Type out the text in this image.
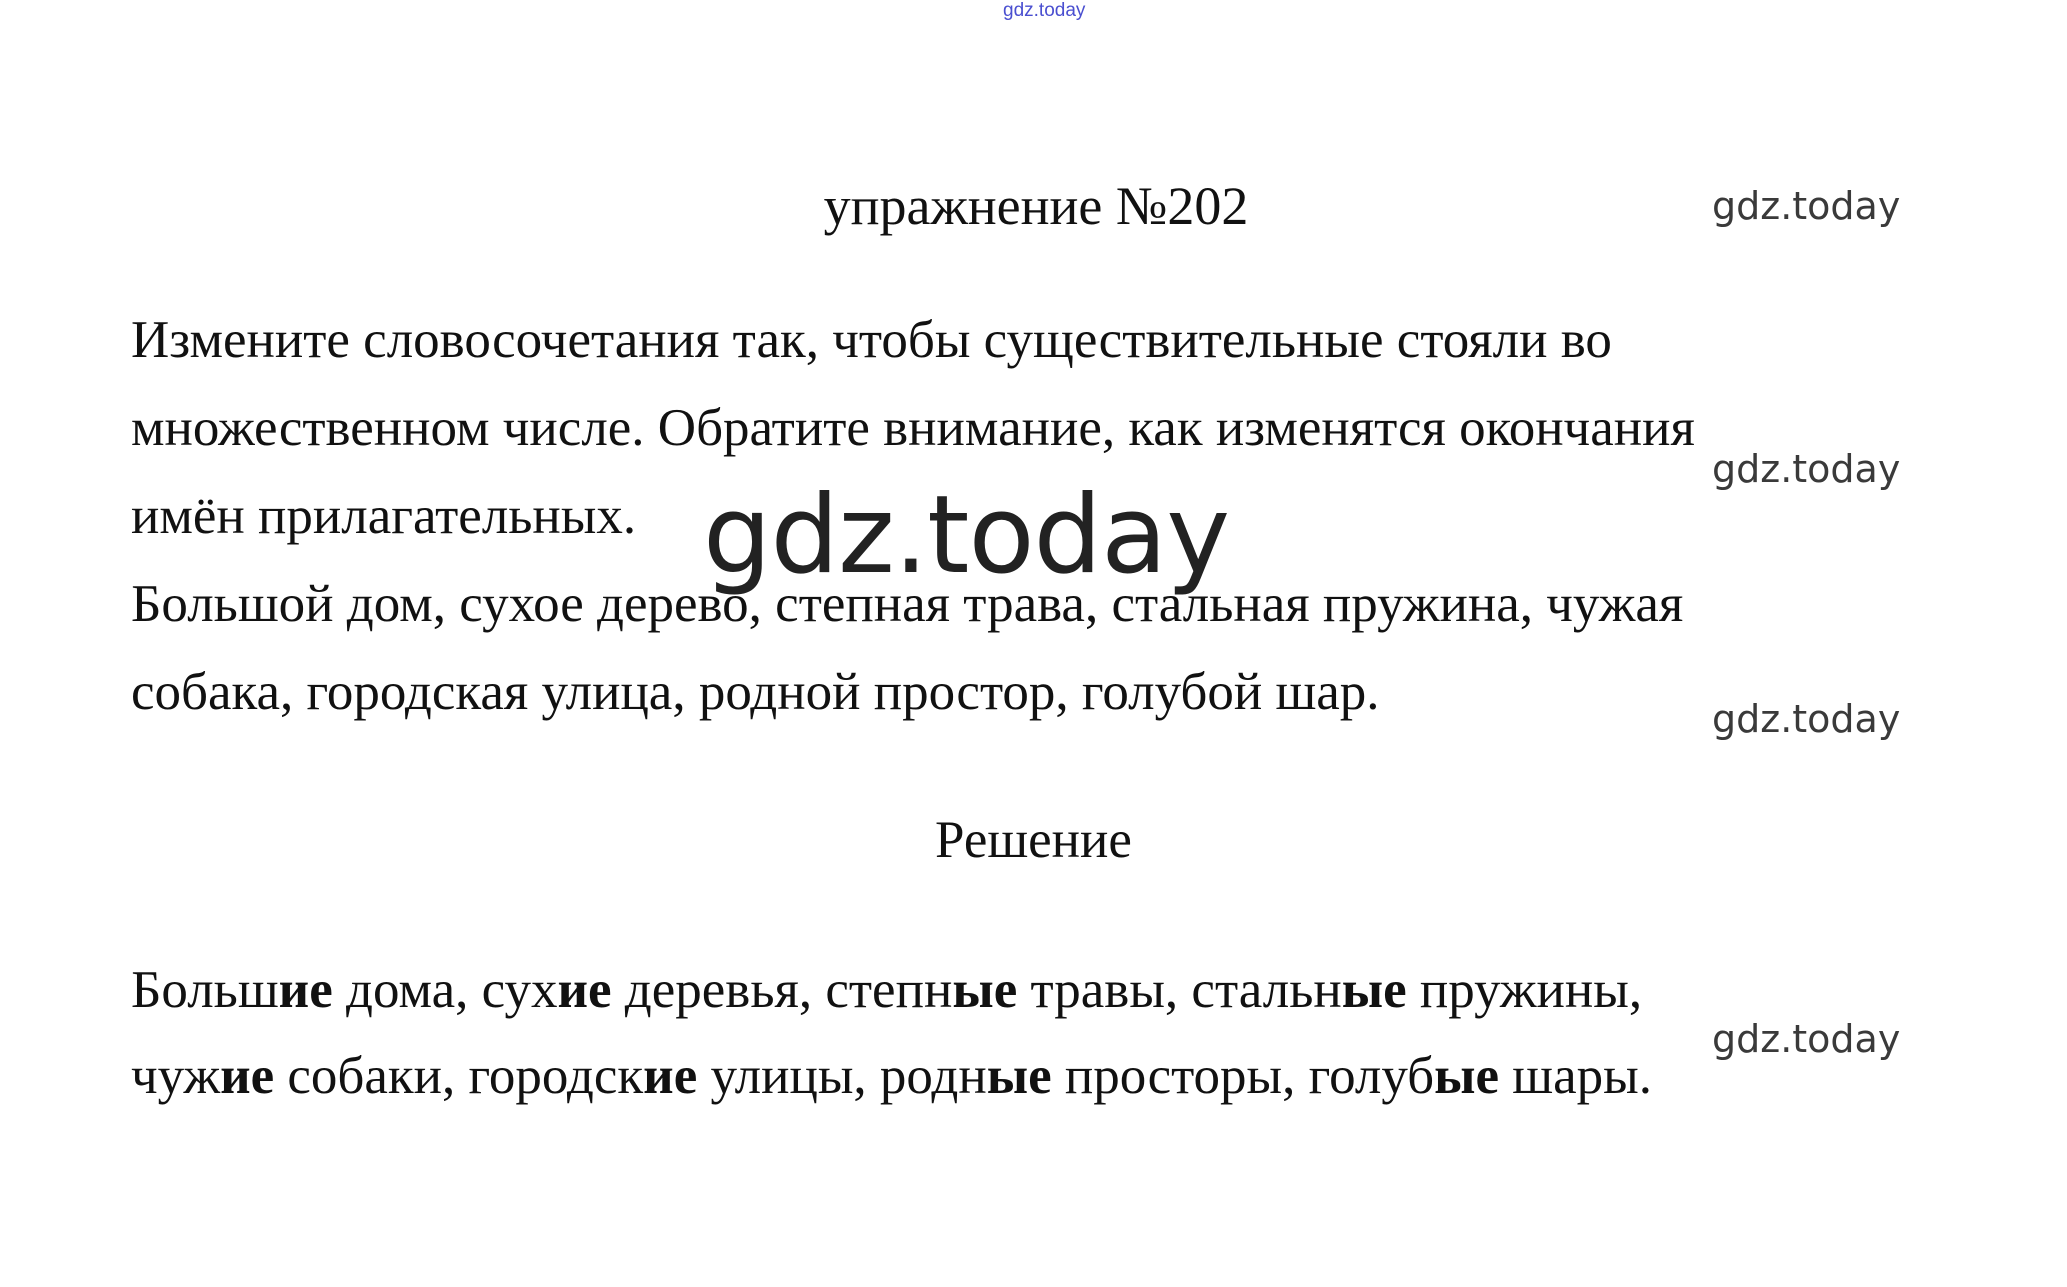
gdz.today
упражнение №202	gdz.today
Измените словосочетания так, чтобы существительные стояли во
множественном числе. Обратите внимание, как изменятся окончания
имён прилагательных.
Большой дом, сухое дерево, степная трава, стальная пружина, чужая
собака, городская улица, родной простор, голубой шар.
gdz.today
gdz.today
gdz.today
Решение
Большие дома, сухие деревья, степные травы, стальные пружины,
чужие собаки, городские улицы, родные просторы, голубые шары.
gdz.today
